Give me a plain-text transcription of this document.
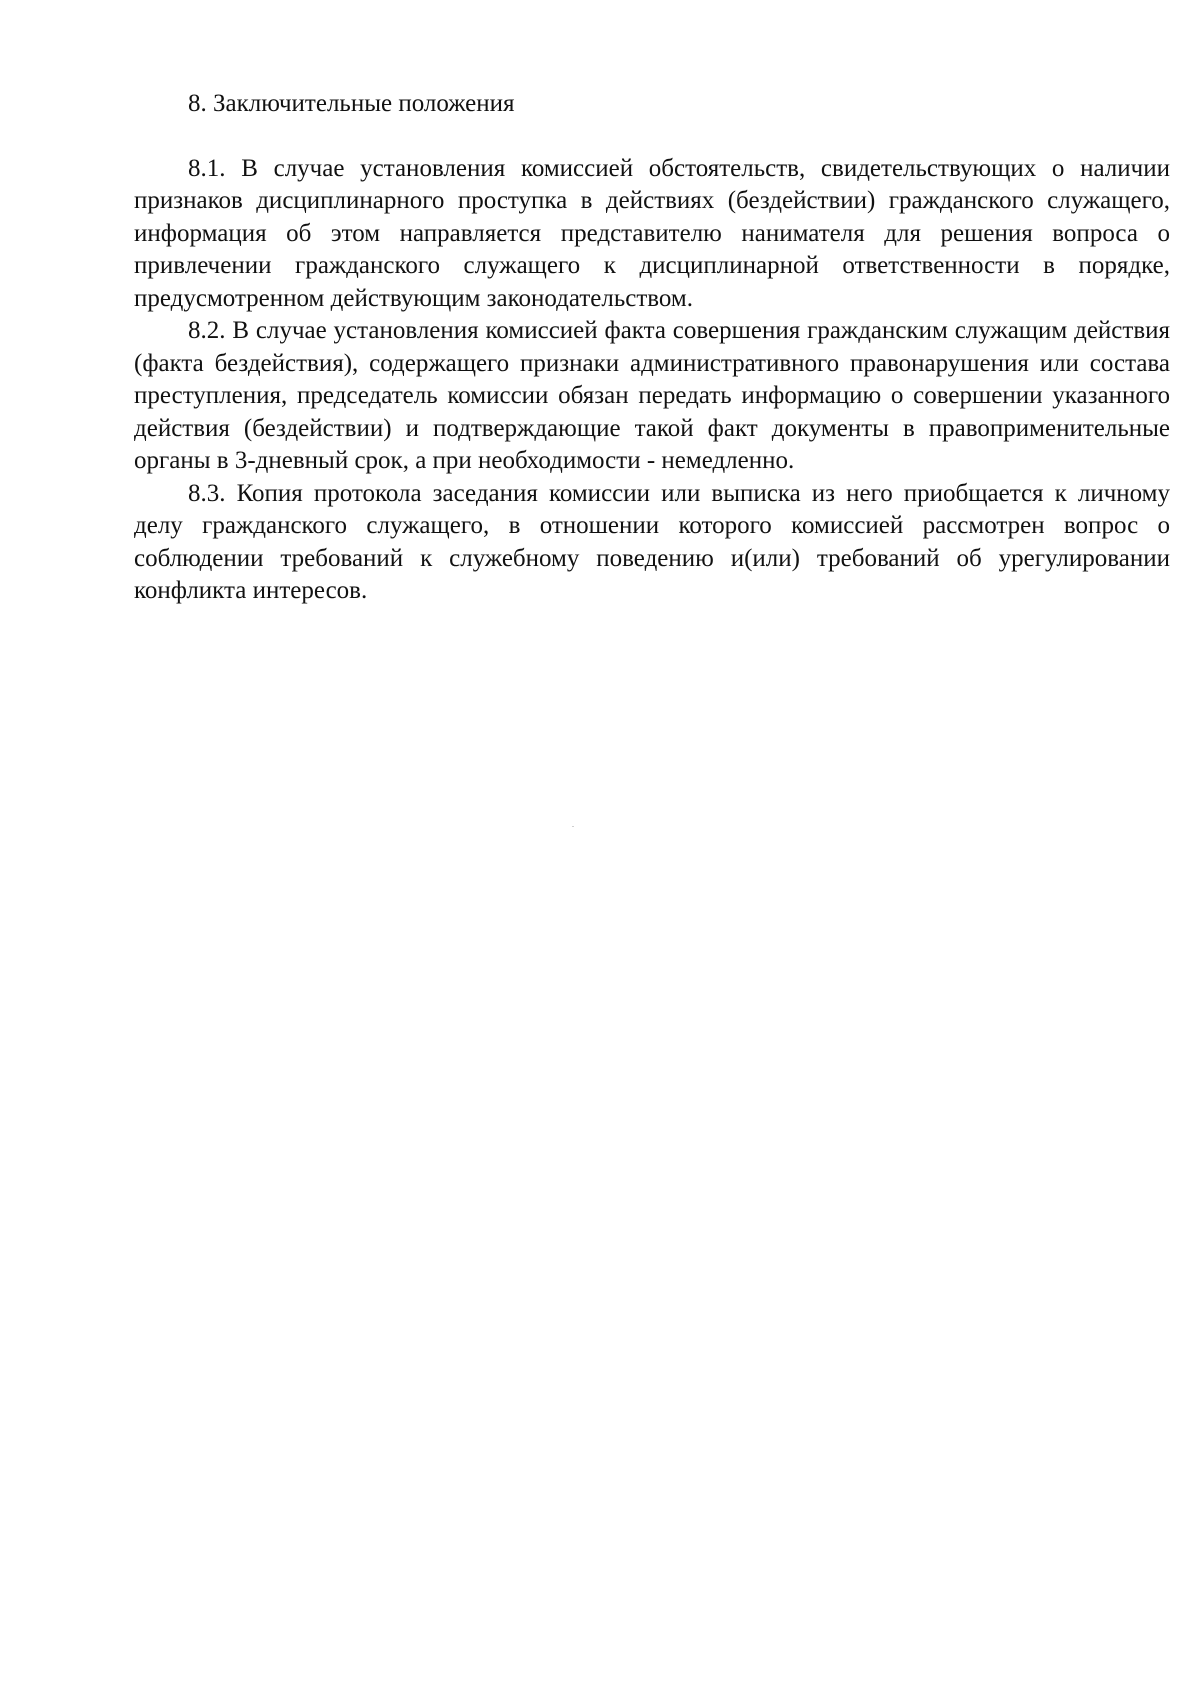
8. Заключительные положения

8.1. В случае установления комиссией обстоятельств, свидетельствующих о наличии признаков дисциплинарного проступка в действиях (бездействии) гражданского служащего, информация об этом направляется представителю нанимателя для решения вопроса о привлечении гражданского служащего к дисциплинарной ответственности в порядке, предусмотренном действующим законодательством.

8.2. В случае установления комиссией факта совершения гражданским служащим действия (факта бездействия), содержащего признаки административного правонарушения или состава преступления, председатель комиссии обязан передать информацию о совершении указанного действия (бездействии) и подтверждающие такой факт документы в правоприменительные органы в 3-дневный срок, а при необходимости - немедленно.

8.3. Копия протокола заседания комиссии или выписка из него приобщается к личному делу гражданского служащего, в отношении которого комиссией рассмотрен вопрос о соблюдении требований к служебному поведению и(или) требований об урегулировании конфликта интересов.
